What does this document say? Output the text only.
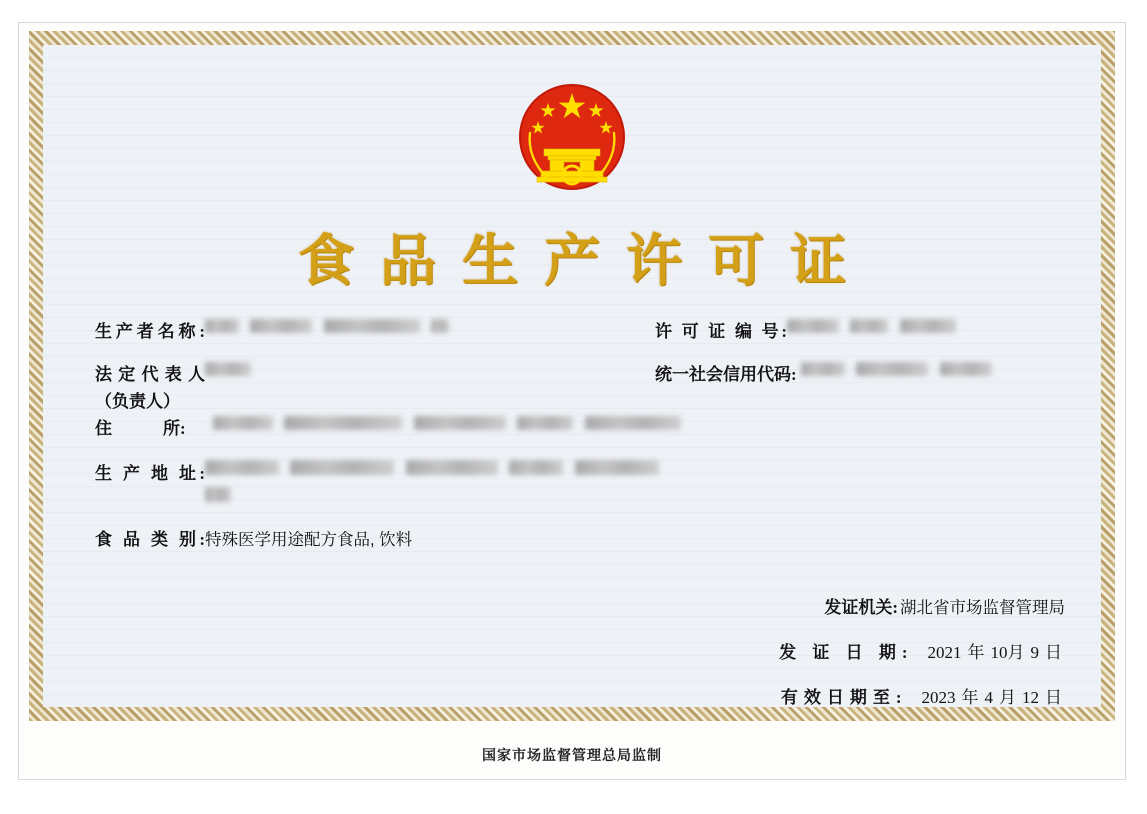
食品生产许可证
生产者名称:
	许 可 证 编 号:

法定代表人	统一社会信用代码:

（负责人）
住　　　所:

生 产 地 址:

食 品 类 别:特殊医学用途配方食品, 饮料
发证机关: 湖北省市场监督管理局
发 证 日 期: 2021 年 10月 9 日
有效日期至: 2023 年 4 月 12 日
国家市场监督管理总局监制
